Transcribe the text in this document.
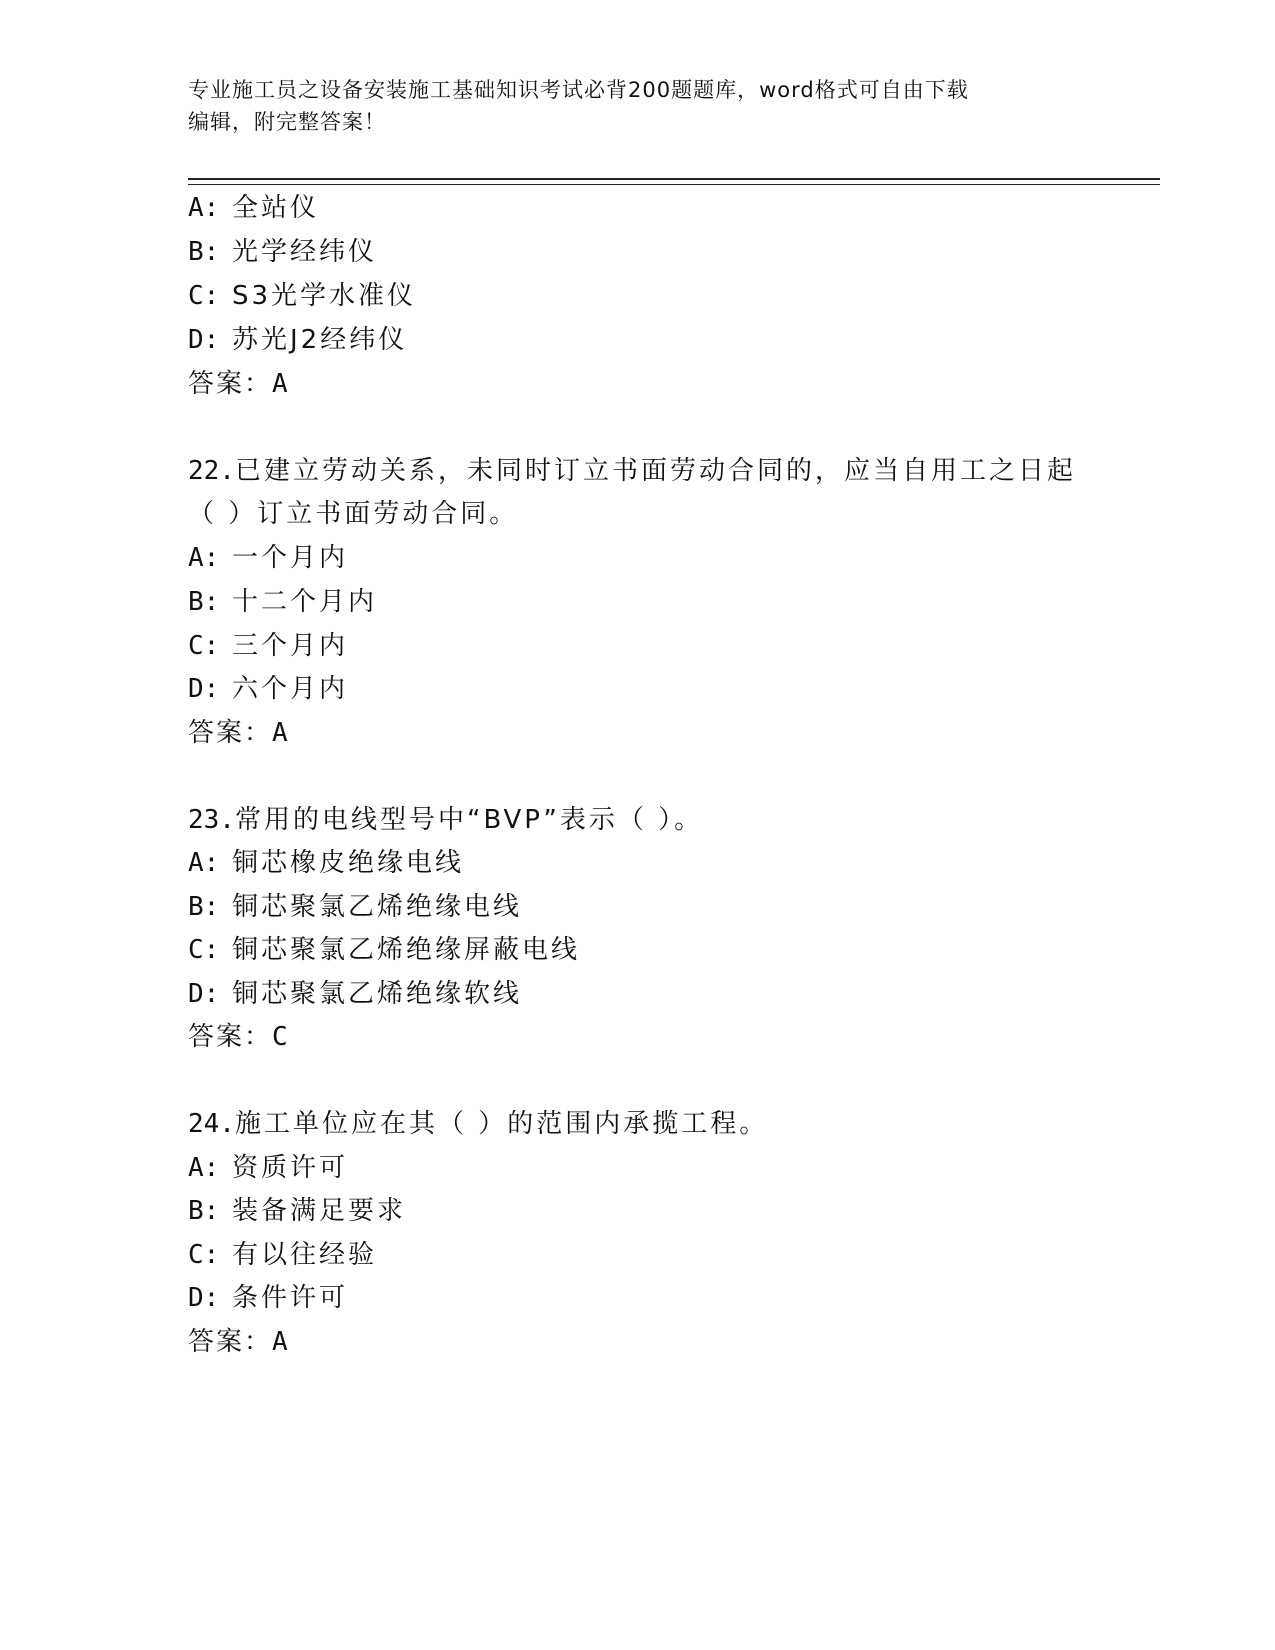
专业施工员之设备安装施工基础知识考试必背200题题库，word格式可自由下载
编辑，附完整答案！
A: 全站仪
B: 光学经纬仪
C: S3光学水准仪
D: 苏光J2经纬仪
答案：A
22.已建立劳动关系，未同时订立书面劳动合同的，应当自用工之日起
（ ）订立书面劳动合同。
A: 一个月内
B: 十二个月内
C: 三个月内
D: 六个月内
答案：A
23.常用的电线型号中“BVP”表示（ ）。
A: 铜芯橡皮绝缘电线
B: 铜芯聚氯乙烯绝缘电线
C: 铜芯聚氯乙烯绝缘屏蔽电线
D: 铜芯聚氯乙烯绝缘软线
答案：C
24.施工单位应在其（ ）的范围内承揽工程。
A: 资质许可
B: 装备满足要求
C: 有以往经验
D: 条件许可
答案：A
